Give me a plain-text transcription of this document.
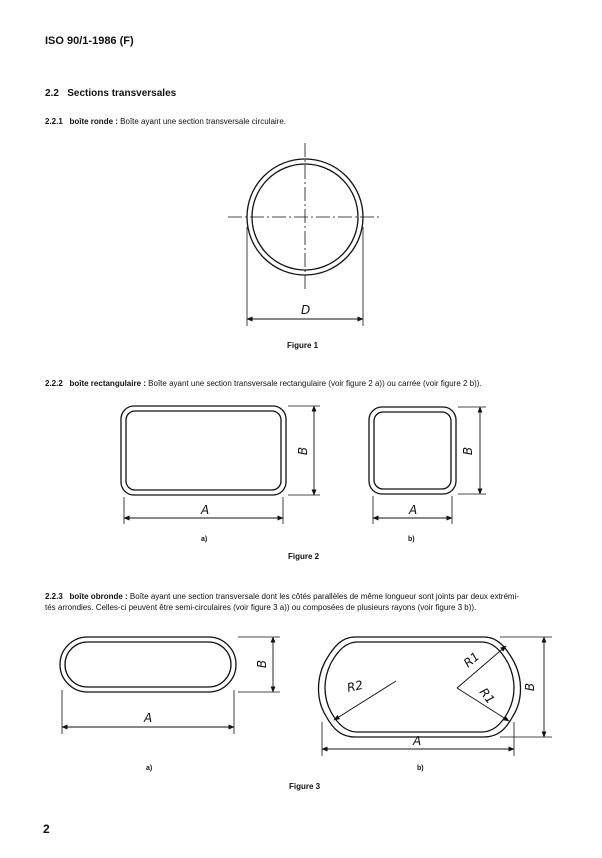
ISO 90/1-1986 (F)
2.2 Sections transversales
2.2.1 boîte ronde : Boîte ayant une section transversale circulaire.
2.2.2 boîte rectangulaire : Boîte ayant une section transversale rectangulaire (voir figure 2 a)) ou carrée (voir figure 2 b)).
2.2.3 boîte obronde : Boîte ayant une section transversale dont les côtés parallèles de même longueur sont joints par deux extrémi-
tés arrondies. Celles-ci peuvent être semi-circulaires (voir figure 3 a)) ou composées de plusieurs rayons (voir figure 3 b)).
Figure 1
Figure 2
Figure 3
a)	b)
a)	b)
2
D
A
B
A
B
A
B
A
B
R2
R1
R1
